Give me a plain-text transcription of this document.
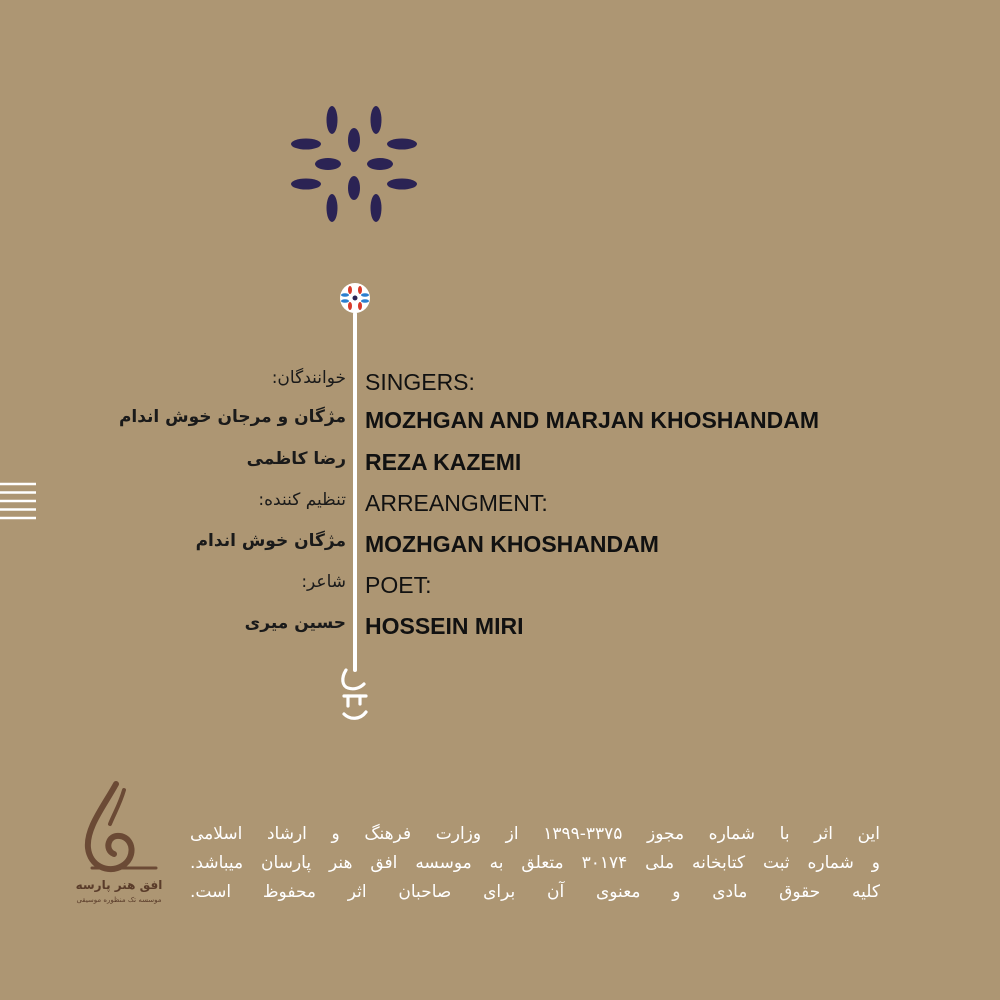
SINGERS:
MOZHGAN AND MARJAN KHOSHANDAM
REZA KAZEMI
ARREANGMENT:
MOZHGAN KHOSHANDAM
POET:
HOSSEIN MIRI
خوانندگان:
مژگان و مرجان خوش اندام
رضا کاظمی
تنظیم کننده:
مژگان خوش اندام
شاعر:
حسین میری
افق هنر پارسه
موسسه تک منظوره موسیقی
این اثر با شماره مجوز ۳۳۷۵-۱۳۹۹ از وزارت فرهنگ و ارشاد اسلامی
و شماره ثبت کتابخانه ملی ۳۰۱۷۴ متعلق به موسسه افق هنر پارسان میباشد.
کلیه حقوق مادی و معنوی آن برای صاحبان اثر محفوظ است.
